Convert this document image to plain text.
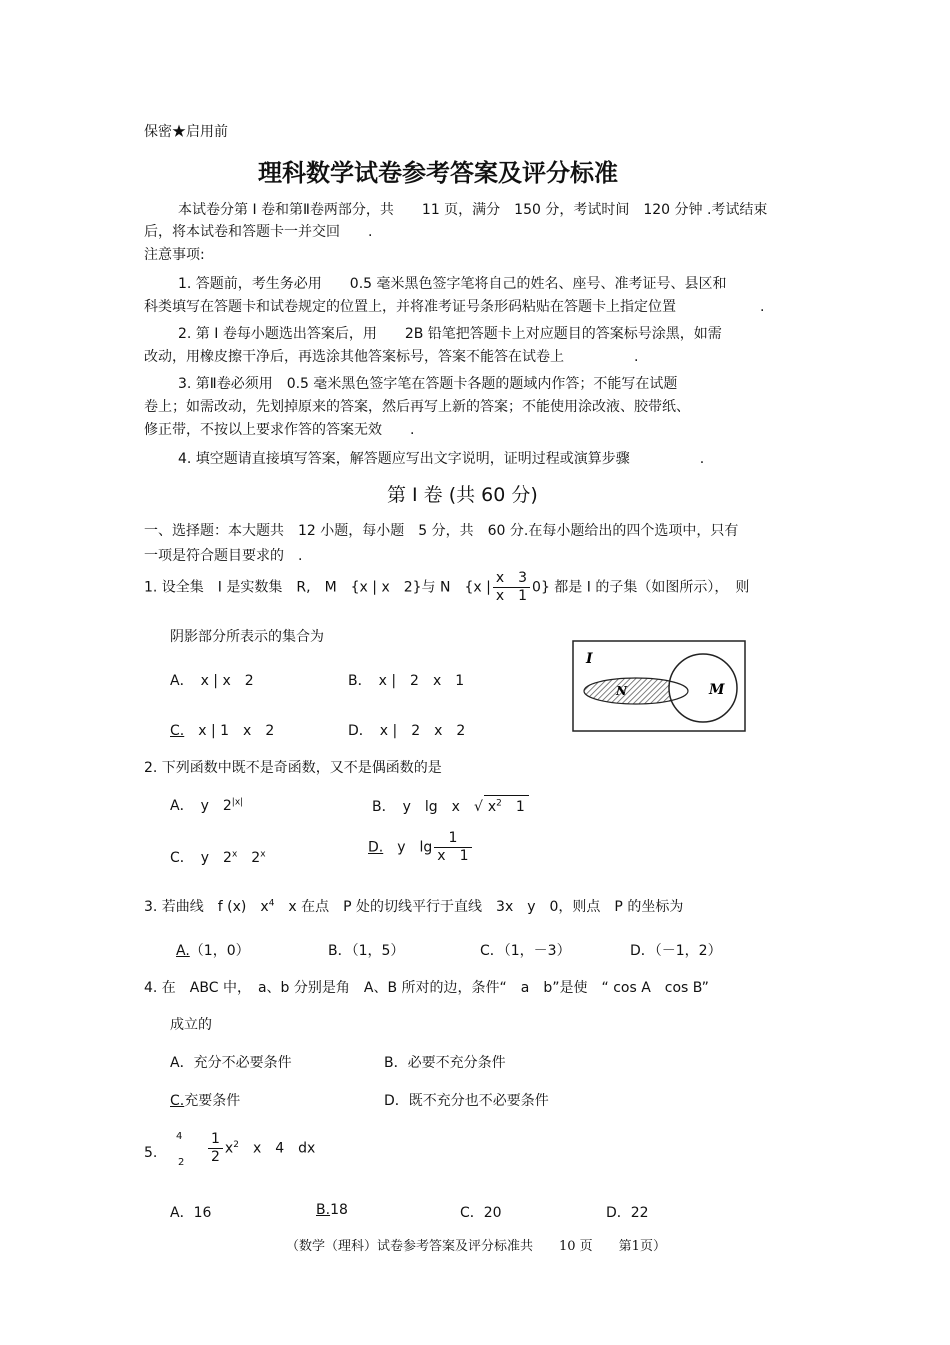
保密★启用前
理科数学试卷参考答案及评分标准
本试卷分第 I 卷和第Ⅱ卷两部分，共　　11 页，满分　150 分，考试时间　120 分钟 .考试结束
后，将本试卷和答题卡一并交回　　.
注意事项:
1. 答题前，考生务必用　　0.5 毫米黑色签字笔将自己的姓名、座号、准考证号、县区和
科类填写在答题卡和试卷规定的位置上，并将准考证号条形码粘贴在答题卡上指定位置　　　　　　.
2. 第 I 卷每小题选出答案后，用　　2B 铅笔把答题卡上对应题目的答案标号涂黑，如需
改动，用橡皮擦干净后，再选涂其他答案标号，答案不能答在试卷上　　　　　.
3. 第Ⅱ卷必须用　0.5 毫米黑色签字笔在答题卡各题的题域内作答；不能写在试题
卷上；如需改动，先划掉原来的答案，然后再写上新的答案；不能使用涂改液、胶带纸、
修正带，不按以上要求作答的答案无效　　.
4. 填空题请直接填写答案，解答题应写出文字说明，证明过程或演算步骤　　　　　.
第 I 卷 (共 60 分)
一、选择题：本大题共　12 小题，每小题　5 分，共　60 分.在每小题给出的四个选项中，只有
一项是符合题目要求的　.
1. 设全集　I 是实数集　R,　M　{x | x　2}与 N　{x | $\frac{x 3}{x 1} 0$} 都是 I 的子集（如图所示），　则
阴影部分所表示的集合为
A．　x | x　2	B．　x |　2　x　1
C.　x | 1　x　2	D．　x |　2　x　2
I
N	M
2. 下列函数中既不是奇函数，又不是偶函数的是
A．　y　$2^{|x|}$	B．　y　lg　x　√ $x^2$　1
C．　y　2$^x$　2$^x$	D.　y　$\lg \frac{1}{x 1}$
3. 若曲线　f (x)　$x^4$　x 在点　P 处的切线平行于直线　3x　y　0，则点　P 的坐标为
A.（1，0）	B．（1，5）	C．（1，－3）	D．（－1，2）
4. 在　ABC 中，　a、b 分别是角　A、B 所对的边，条件“　a　b”是使　“ cos A　cos B”
成立的
A．充分不必要条件	B．必要不充分条件
C.充要条件	D．既不充分也不必要条件
5.
4
$2 \frac{1}{2} x^2$　x　4　dx
A．16	B.18	C．20	D．22
（数学（理科）试卷参考答案及评分标准共　　10 页　　第1页）
